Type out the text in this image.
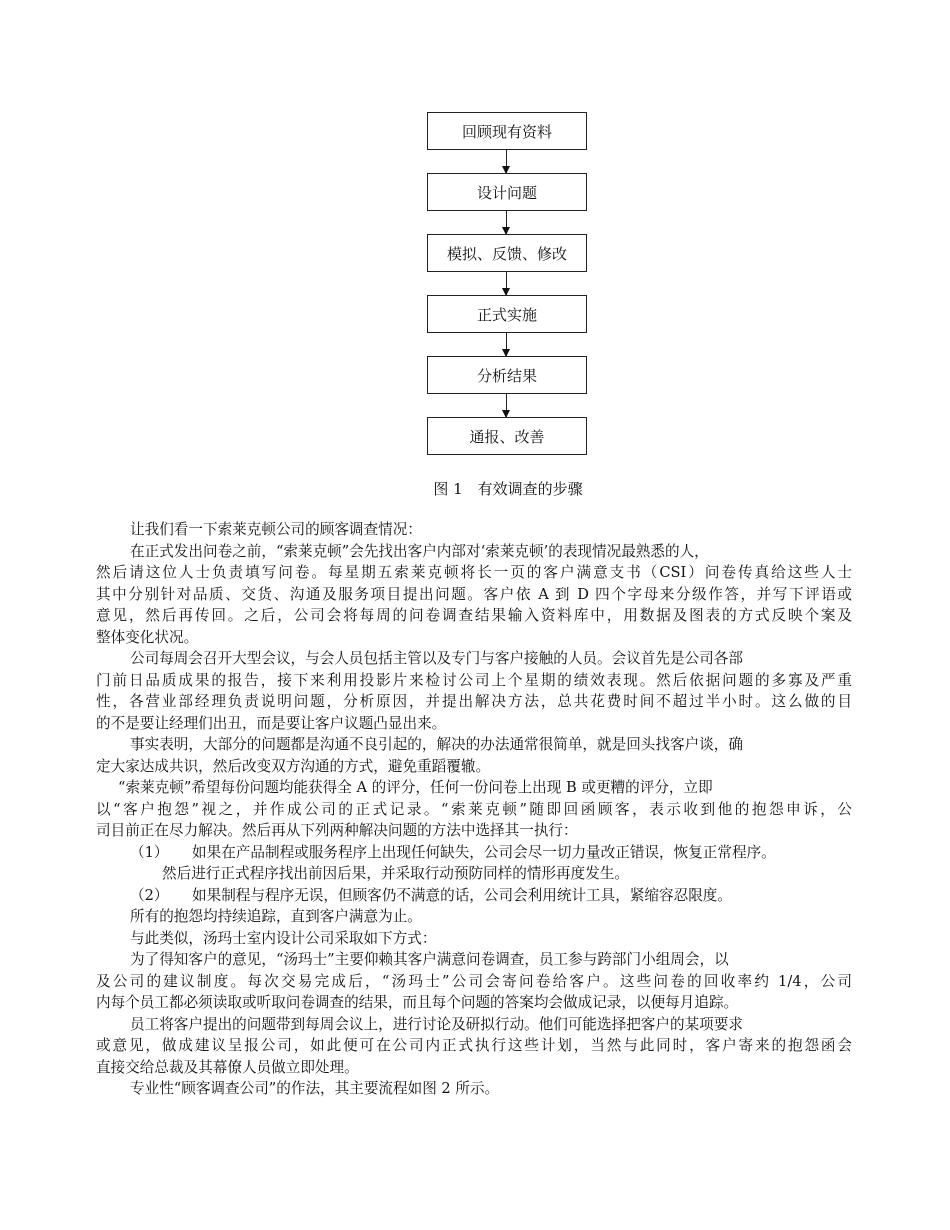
回顾现有资料
设计问题
模拟、反馈、修改
正式实施
分析结果
通报、改善
图 1　有效调查的步骤
让我们看一下索莱克顿公司的顾客调查情况：
在正式发出问卷之前，“索莱克顿”会先找出客户内部对‘索莱克顿’的表现情况最熟悉的人，
然后请这位人士负责填写问卷。每星期五索莱克顿将长一页的客户满意支书（CSI）问卷传真给这些人士
其中分别针对品质、交货、沟通及服务项目提出问题。客户依 A 到 D 四个字母来分级作答，并写下评语或
意见，然后再传回。之后，公司会将每周的问卷调查结果输入资料库中，用数据及图表的方式反映个案及
整体变化状况。
公司每周会召开大型会议，与会人员包括主管以及专门与客户接触的人员。会议首先是公司各部
门前日品质成果的报告，接下来利用投影片来检讨公司上个星期的绩效表现。然后依据问题的多寡及严重
性，各营业部经理负责说明问题，分析原因，并提出解决方法，总共花费时间不超过半小时。这么做的目
的不是要让经理们出丑，而是要让客户议题凸显出来。
事实表明，大部分的问题都是沟通不良引起的，解决的办法通常很简单，就是回头找客户谈，确
定大家达成共识，然后改变双方沟通的方式，避免重蹈覆辙。
“索莱克顿”希望每份问题均能获得全 A 的评分，任何一份问卷上出现 B 或更糟的评分，立即
以“客户抱怨”视之，并作成公司的正式记录。“索莱克顿”随即回函顾客，表示收到他的抱怨申诉，公
司目前正在尽力解决。然后再从下列两种解决问题的方法中选择其一执行：
（1） 如果在产品制程或服务程序上出现任何缺失，公司会尽一切力量改正错误，恢复正常程序。
然后进行正式程序找出前因后果，并采取行动预防同样的情形再度发生。
（2） 如果制程与程序无误，但顾客仍不满意的话，公司会利用统计工具，紧缩容忍限度。
所有的抱怨均持续追踪，直到客户满意为止。
与此类似，汤玛士室内设计公司采取如下方式：
为了得知客户的意见，“汤玛士”主要仰赖其客户满意问卷调查，员工参与跨部门小组周会，以
及公司的建议制度。每次交易完成后，“汤玛士”公司会寄问卷给客户。这些问卷的回收率约 1/4，公司
内每个员工都必须读取或听取问卷调查的结果，而且每个问题的答案均会做成记录，以便每月追踪。
员工将客户提出的问题带到每周会议上，进行讨论及研拟行动。他们可能选择把客户的某项要求
或意见，做成建议呈报公司，如此便可在公司内正式执行这些计划，当然与此同时，客户寄来的抱怨函会
直接交给总裁及其幕僚人员做立即处理。
专业性“顾客调查公司”的作法，其主要流程如图 2 所示。
